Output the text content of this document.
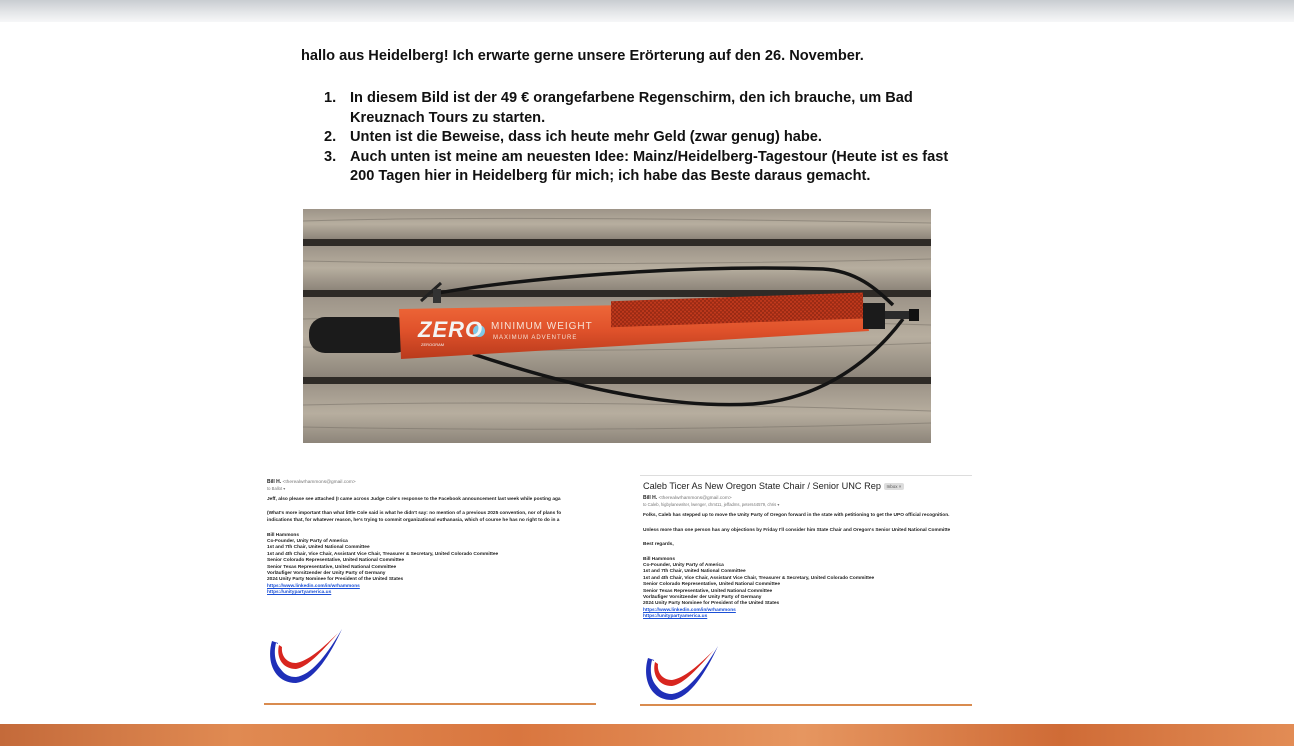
hallo aus Heidelberg! Ich erwarte gerne unsere Erörterung auf den 26. November.

1. In diesem Bild ist der 49 € orangefarbene Regenschirm, den ich brauche, um Bad Kreuznach Tours zu starten.
2. Unten ist die Beweise, dass ich heute mehr Geld (zwar genug) habe.
3. Auch unten ist meine am neuesten Idee: Mainz/Heidelberg-Tagestour (Heute ist es fast 200 Tagen hier in Heidelberg für mich; ich habe das Beste daraus gemacht.
ZERO
ZEROGRAM
MINIMUM WEIGHT
MAXIMUM ADVENTURE
Bill H. <therealwrhammons@gmail.com>
to Ballot ▾
Jeff, also please see attached (I came across Judge Cole's response to the Facebook announcement last week while posting aga
(What's more important than what little Cole said is what he didn't say: no mention of a previous 2025 convention, nor of plans fo
indications that, for whatever reason, he's trying to commit organizational euthanasia, which of course he has no right to do in a
Bill Hammons
Co-Founder, Unity Party of America
1st and 7th Chair, United National Committee
1st and 4th Chair, Vice Chair, Assistant Vice Chair, Treasurer & Secretary, United Colorado Committee
Senior Colorado Representative, United National Committee
Senior Texas Representative, United National Committee
Vorläufiger Vorsitzender der Unity Party of Germany
2024 Unity Party Nominee for President of the United States
https://www.linkedin.com/in/wrhammons
https://unitypartyamerica.us
Caleb Ticer As New Oregon State Chair / Senior UNC Rep Inbox ×
Bill H. <therealwrhammons@gmail.com>
to Caleb, higbylanewriter, lwenger, chmt11, jeffadms, peters44579, chris ▾
Folks, Caleb has stepped up to move the Unity Party of Oregon forward in the state with petitioning to get the UPO official recognition.
Unless more than one person has any objections by Friday I'll consider him State Chair and Oregon's Senior United National Committe
Best regards,
Bill Hammons
Co-Founder, Unity Party of America
1st and 7th Chair, United National Committee
1st and 4th Chair, Vice Chair, Assistant Vice Chair, Treasurer & Secretary, United Colorado Committee
Senior Colorado Representative, United National Committee
Senior Texas Representative, United National Committee
Vorläufiger Vorsitzender der Unity Party of Germany
2024 Unity Party Nominee for President of the United States
https://www.linkedin.com/in/wrhammons
https://unitypartyamerica.us
